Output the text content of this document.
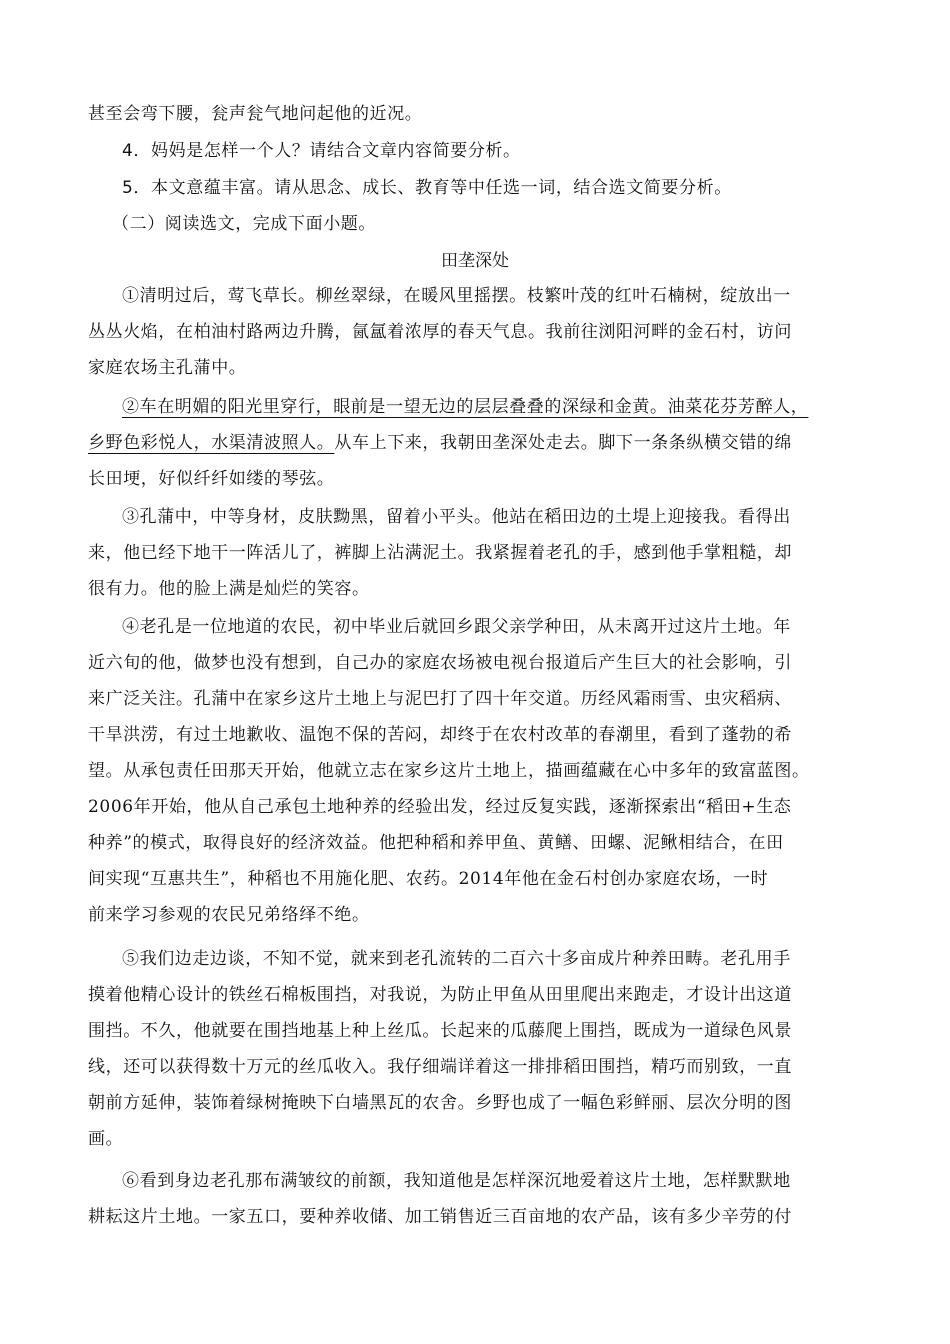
甚至会弯下腰，瓮声瓮气地问起他的近况。
4．妈妈是怎样一个人？请结合文章内容简要分析。
5．本文意蕴丰富。请从思念、成长、教育等中任选一词，结合选文简要分析。
（二）阅读选文，完成下面小题。
田垄深处
①清明过后，莺飞草长。柳丝翠绿，在暖风里摇摆。枝繁叶茂的红叶石楠树，绽放出一
丛丛火焰，在柏油村路两边升腾，氤氲着浓厚的春天气息。我前往浏阳河畔的金石村，访问
家庭农场主孔蒲中。
②车在明媚的阳光里穿行，眼前是一望无边的层层叠叠的深绿和金黄。油菜花芬芳醉人，
乡野色彩悦人，水渠清波照人。从车上下来，我朝田垄深处走去。脚下一条条纵横交错的绵
长田埂，好似纤纤如缕的琴弦。
③孔蒲中，中等身材，皮肤黝黑，留着小平头。他站在稻田边的土堤上迎接我。看得出
来，他已经下地干一阵活儿了，裤脚上沾满泥土。我紧握着老孔的手，感到他手掌粗糙，却
很有力。他的脸上满是灿烂的笑容。
④老孔是一位地道的农民，初中毕业后就回乡跟父亲学种田，从未离开过这片土地。年
近六旬的他，做梦也没有想到，自己办的家庭农场被电视台报道后产生巨大的社会影响，引
来广泛关注。孔蒲中在家乡这片土地上与泥巴打了四十年交道。历经风霜雨雪、虫灾稻病、
干旱洪涝，有过土地歉收、温饱不保的苦闷，却终于在农村改革的春潮里，看到了蓬勃的希
望。从承包责任田那天开始，他就立志在家乡这片土地上，描画蕴藏在心中多年的致富蓝图。
2006年开始，他从自己承包土地种养的经验出发，经过反复实践，逐渐探索出“稻田+生态
种养”的模式，取得良好的经济效益。他把种稻和养甲鱼、黄鳝、田螺、泥鳅相结合，在田
间实现“互惠共生”，种稻也不用施化肥、农药。2014年他在金石村创办家庭农场，一时
前来学习参观的农民兄弟络绎不绝。
⑤我们边走边谈，不知不觉，就来到老孔流转的二百六十多亩成片种养田畴。老孔用手
摸着他精心设计的铁丝石棉板围挡，对我说，为防止甲鱼从田里爬出来跑走，才设计出这道
围挡。不久，他就要在围挡地基上种上丝瓜。长起来的瓜藤爬上围挡，既成为一道绿色风景
线，还可以获得数十万元的丝瓜收入。我仔细端详着这一排排稻田围挡，精巧而别致，一直
朝前方延伸，装饰着绿树掩映下白墙黑瓦的农舍。乡野也成了一幅色彩鲜丽、层次分明的图
画。
⑥看到身边老孔那布满皱纹的前额，我知道他是怎样深沉地爱着这片土地，怎样默默地
耕耘这片土地。一家五口，要种养收储、加工销售近三百亩地的农产品，该有多少辛劳的付
